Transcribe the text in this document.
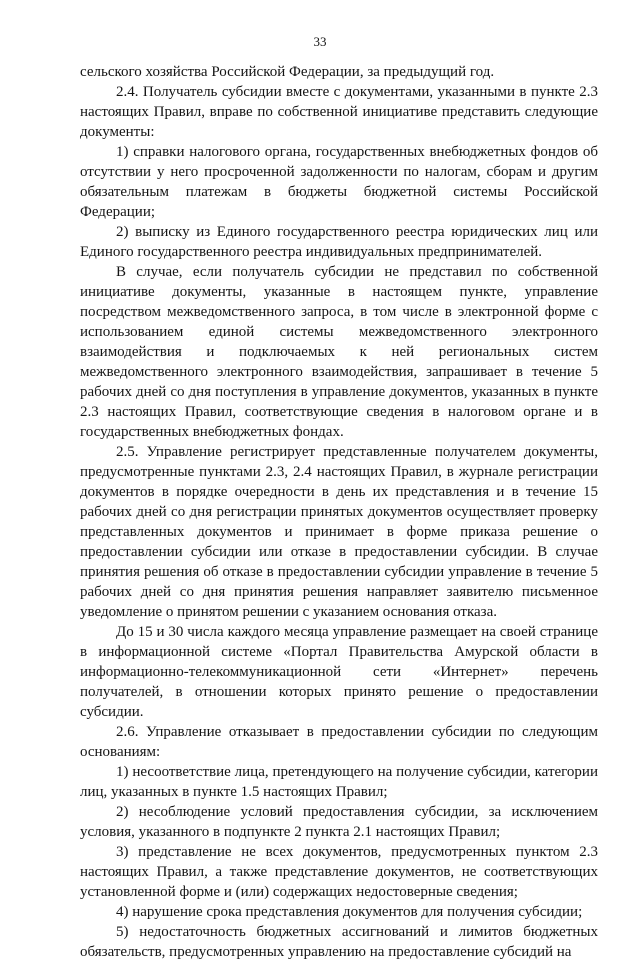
33

сельского хозяйства Российской Федерации, за предыдущий год.

2.4. Получатель субсидии вместе с документами, указанными в пункте 2.3 настоящих Правил, вправе по собственной инициативе представить следующие документы:

1) справки налогового органа, государственных внебюджетных фондов об отсутствии у него просроченной задолженности по налогам, сборам и другим обязательным платежам в бюджеты бюджетной системы Российской Федерации;

2) выписку из Единого государственного реестра юридических лиц или Единого государственного реестра индивидуальных предпринимателей.

В случае, если получатель субсидии не представил по собственной инициативе документы, указанные в настоящем пункте, управление посредством межведомственного запроса, в том числе в электронной форме с использованием единой системы межведомственного электронного взаимодействия и подключаемых к ней региональных систем межведомственного электронного взаимодействия, запрашивает в течение 5 рабочих дней со дня поступления в управление документов, указанных в пункте 2.3 настоящих Правил, соответствующие сведения в налоговом органе и в государственных внебюджетных фондах.

2.5. Управление регистрирует представленные получателем документы, предусмотренные пунктами 2.3, 2.4 настоящих Правил, в журнале регистрации документов в порядке очередности в день их представления и в течение 15 рабочих дней со дня регистрации принятых документов осуществляет проверку представленных документов и принимает в форме приказа решение о предоставлении субсидии или отказе в предоставлении субсидии. В случае принятия решения об отказе в предоставлении субсидии управление в течение 5 рабочих дней со дня принятия решения направляет заявителю письменное уведомление о принятом решении с указанием основания отказа.

До 15 и 30 числа каждого месяца управление размещает на своей странице в информационной системе «Портал Правительства Амурской области в информационно-телекоммуникационной сети «Интернет» перечень получателей, в отношении которых принято решение о предоставлении субсидии.

2.6. Управление отказывает в предоставлении субсидии по следующим основаниям:

1) несоответствие лица, претендующего на получение субсидии, категории лиц, указанных в пункте 1.5 настоящих Правил;

2) несоблюдение условий предоставления субсидии, за исключением условия, указанного в подпункте 2 пункта 2.1 настоящих Правил;

3) представление не всех документов, предусмотренных пунктом 2.3 настоящих Правил, а также представление документов, не соответствующих установленной форме и (или) содержащих недостоверные сведения;

4) нарушение срока представления документов для получения субсидии;

5) недостаточность бюджетных ассигнований и лимитов бюджетных обязательств, предусмотренных управлению на предоставление субсидий на
